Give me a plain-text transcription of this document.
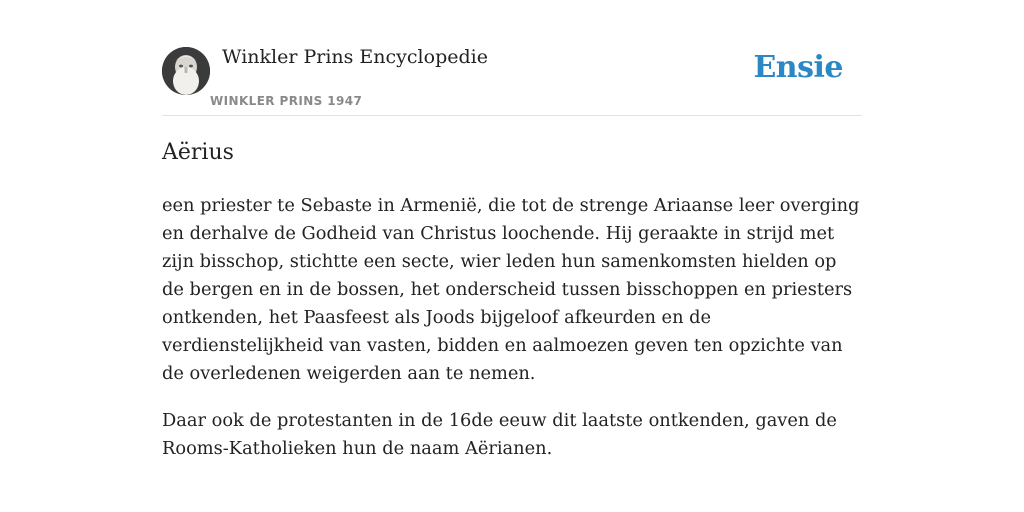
Winkler Prins Encyclopedie
WINKLER PRINS 1947
Ensie
Aërius

een priester te Sebaste in Armenië, die tot de strenge Ariaanse leer overging en derhalve de Godheid van Christus loochende. Hij geraakte in strijd met zijn bisschop, stichtte een secte, wier leden hun samenkomsten hielden op de bergen en in de bossen, het onderscheid tussen bisschoppen en priesters ontkenden, het Paasfeest als Joods bijgeloof afkeurden en de verdienstelijkheid van vasten, bidden en aalmoezen geven ten opzichte van de overledenen weigerden aan te nemen.

Daar ook de protestanten in de 16de eeuw dit laatste ontkenden, gaven de Rooms-Katholieken hun de naam Aërianen.
